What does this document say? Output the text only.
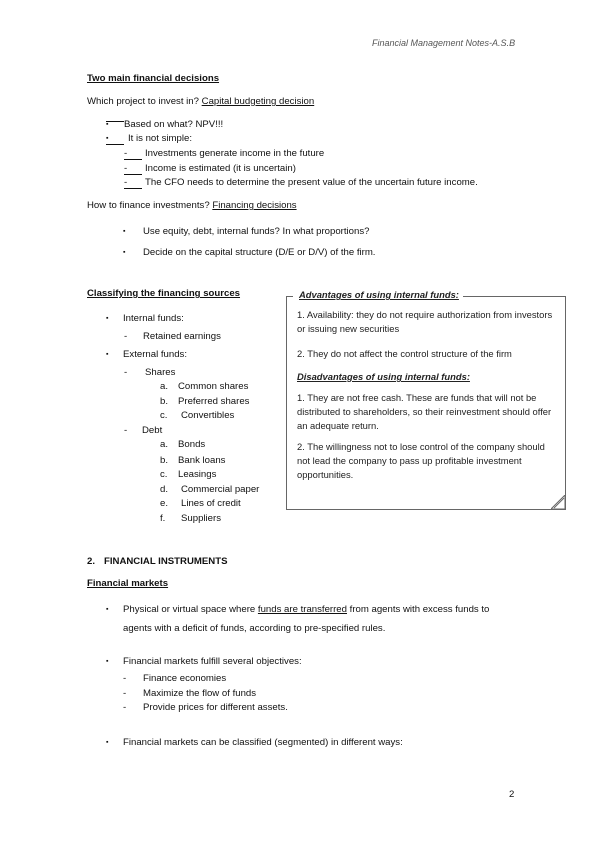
Financial Management Notes-A.S.B
Two main financial decisions
Which project to invest in? Capital budgeting decision
▪ Based on what? NPV!!!
▪ It is not simple:
- Investments generate income in the future
- Income is estimated (it is uncertain)
- The CFO needs to determine the present value of the uncertain future income.
How to finance investments? Financing decisions
▪ Use equity, debt, internal funds? In what proportions?
▪ Decide on the capital structure (D/E or D/V) of the firm.
Classifying the financing sources
▪ Internal funds:
- Retained earnings
▪ External funds:
- Shares
a. Common shares
b. Preferred shares
c. Convertibles
- Debt
a. Bonds
b. Bank loans
c. Leasings
d. Commercial paper
e. Lines of credit
f. Suppliers
Advantages of using internal funds:
1. Availability: they do not require authorization from investors or issuing new securities
2. They do not affect the control structure of the firm
Disadvantages of using internal funds:
1. They are not free cash. These are funds that will not be distributed to shareholders, so their reinvestment should offer an adequate return.
2. The willingness not to lose control of the company should not lead the company to pass up profitable investment opportunities.
2. FINANCIAL INSTRUMENTS
Financial markets
▪ Physical or virtual space where funds are transferred from agents with excess funds to
agents with a deficit of funds, according to pre-specified rules.
▪ Financial markets fulfill several objectives:
- Finance economies
- Maximize the flow of funds
- Provide prices for different assets.
▪ Financial markets can be classified (segmented) in different ways:
2
